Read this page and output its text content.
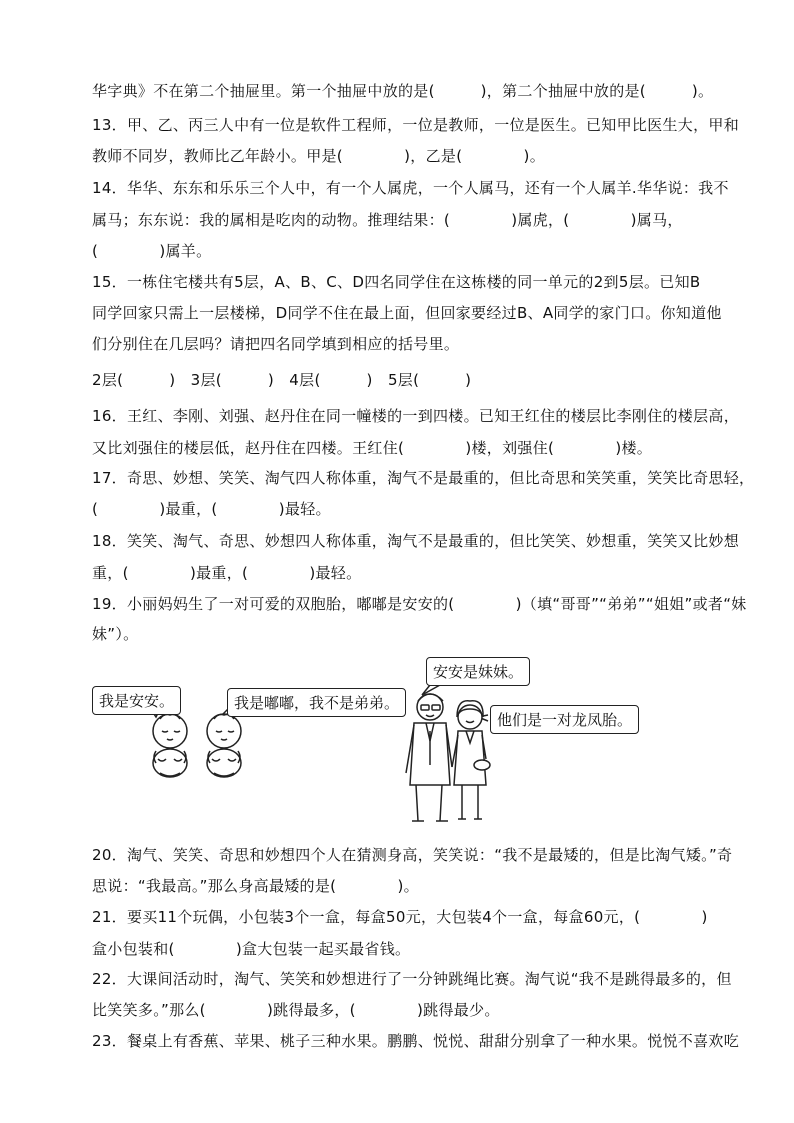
华字典》不在第二个抽屉里。第一个抽屉中放的是(　　　)，第二个抽屉中放的是(　　　)。
13．甲、乙、丙三人中有一位是软件工程师，一位是教师，一位是医生。已知甲比医生大，甲和
教师不同岁，教师比乙年龄小。甲是(　　　　)，乙是(　　　　)。
14．华华、东东和乐乐三个人中，有一个人属虎，一个人属马，还有一个人属羊.华华说：我不
属马；东东说：我的属相是吃肉的动物。推理结果：(　　　　)属虎，(　　　　)属马，
(　　　　)属羊。
15．一栋住宅楼共有5层，A、B、C、D四名同学住在这栋楼的同一单元的2到5层。已知B
同学回家只需上一层楼梯，D同学不住在最上面，但回家要经过B、A同学的家门口。你知道他
们分别住在几层吗？请把四名同学填到相应的括号里。
2层(　　　)　3层(　　　)　4层(　　　)　5层(　　　)
16．王红、李刚、刘强、赵丹住在同一幢楼的一到四楼。已知王红住的楼层比李刚住的楼层高，
又比刘强住的楼层低，赵丹住在四楼。王红住(　　　　)楼，刘强住(　　　　)楼。
17．奇思、妙想、笑笑、淘气四人称体重，淘气不是最重的，但比奇思和笑笑重，笑笑比奇思轻，
(　　　　)最重，(　　　　)最轻。
18．笑笑、淘气、奇思、妙想四人称体重，淘气不是最重的，但比笑笑、妙想重，笑笑又比妙想
重，(　　　　)最重，(　　　　)最轻。
19．小丽妈妈生了一对可爱的双胞胎，嘟嘟是安安的(　　　　)（填“哥哥”“弟弟”“姐姐”或者“妹
妹”）。
我是安安。	我是嘟嘟，我不是弟弟。
安安是妹妹。
他们是一对龙凤胎。
20．淘气、笑笑、奇思和妙想四个人在猜测身高，笑笑说：“我不是最矮的，但是比淘气矮。”奇
思说：“我最高。”那么身高最矮的是(　　　　)。
21．要买11个玩偶，小包装3个一盒，每盒50元，大包装4个一盒，每盒60元，(　　　　)
盒小包装和(　　　　)盒大包装一起买最省钱。
22．大课间活动时，淘气、笑笑和妙想进行了一分钟跳绳比赛。淘气说“我不是跳得最多的，但
比笑笑多。”那么(　　　　)跳得最多，(　　　　)跳得最少。
23．餐桌上有香蕉、苹果、桃子三种水果。鹏鹏、悦悦、甜甜分别拿了一种水果。悦悦不喜欢吃
